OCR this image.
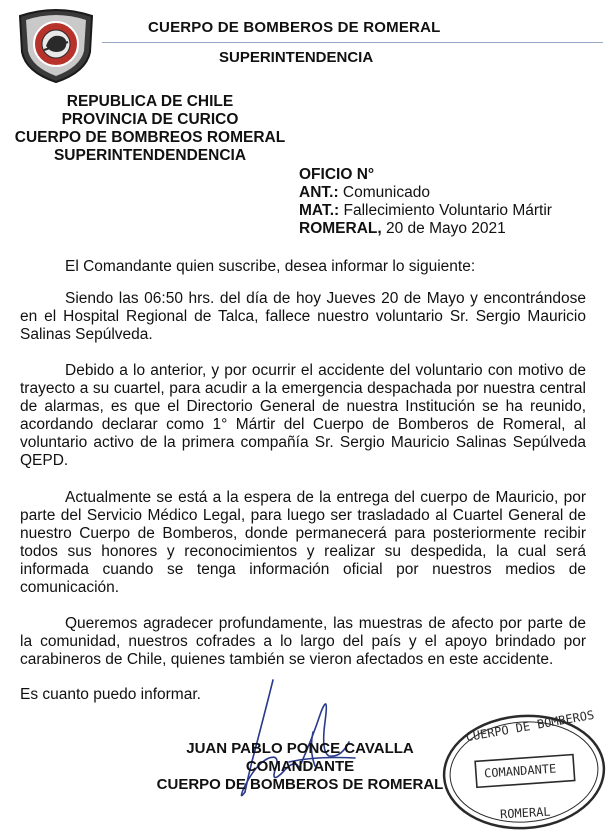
CUERPO DE BOMBEROS DE ROMERAL
SUPERINTENDENCIA
REPUBLICA DE CHILE
PROVINCIA DE CURICO
CUERPO DE BOMBREOS ROMERAL
SUPERINTENDENDENCIA
OFICIO N°
ANT.: Comunicado
MAT.: Fallecimiento Voluntario Mártir
ROMERAL, 20 de Mayo 2021
El Comandante quien suscribe, desea informar lo siguiente:
Siendo las 06:50 hrs. del día de hoy Jueves 20 de Mayo y encontrándose en el Hospital Regional de Talca, fallece nuestro voluntario Sr. Sergio Mauricio Salinas Sepúlveda.
Debido a lo anterior, y por ocurrir el accidente del voluntario con motivo de trayecto a su cuartel, para acudir a la emergencia despachada por nuestra central de alarmas, es que el Directorio General de nuestra Institución se ha reunido, acordando declarar como 1° Mártir del Cuerpo de Bomberos de Romeral, al voluntario activo de la primera compañía Sr. Sergio Mauricio Salinas Sepúlveda QEPD.
Actualmente se está a la espera de la entrega del cuerpo de Mauricio, por parte del Servicio Médico Legal, para luego ser trasladado al Cuartel General de nuestro Cuerpo de Bomberos, donde permanecerá para posteriormente recibir todos sus honores y reconocimientos y realizar su despedida, la cual será informada cuando se tenga información oficial por nuestros medios de comunicación.
Queremos agradecer profundamente, las muestras de afecto por parte de la comunidad, nuestros cofrades a lo largo del país y el apoyo brindado por carabineros de Chile, quienes también se vieron afectados en este accidente.
Es cuanto puedo informar.
JUAN PABLO PONCE CAVALLA
COMANDANTE
CUERPO DE BOMBEROS DE ROMERAL
CUERPO DE BOMBEROS
COMANDANTE
ROMERAL
